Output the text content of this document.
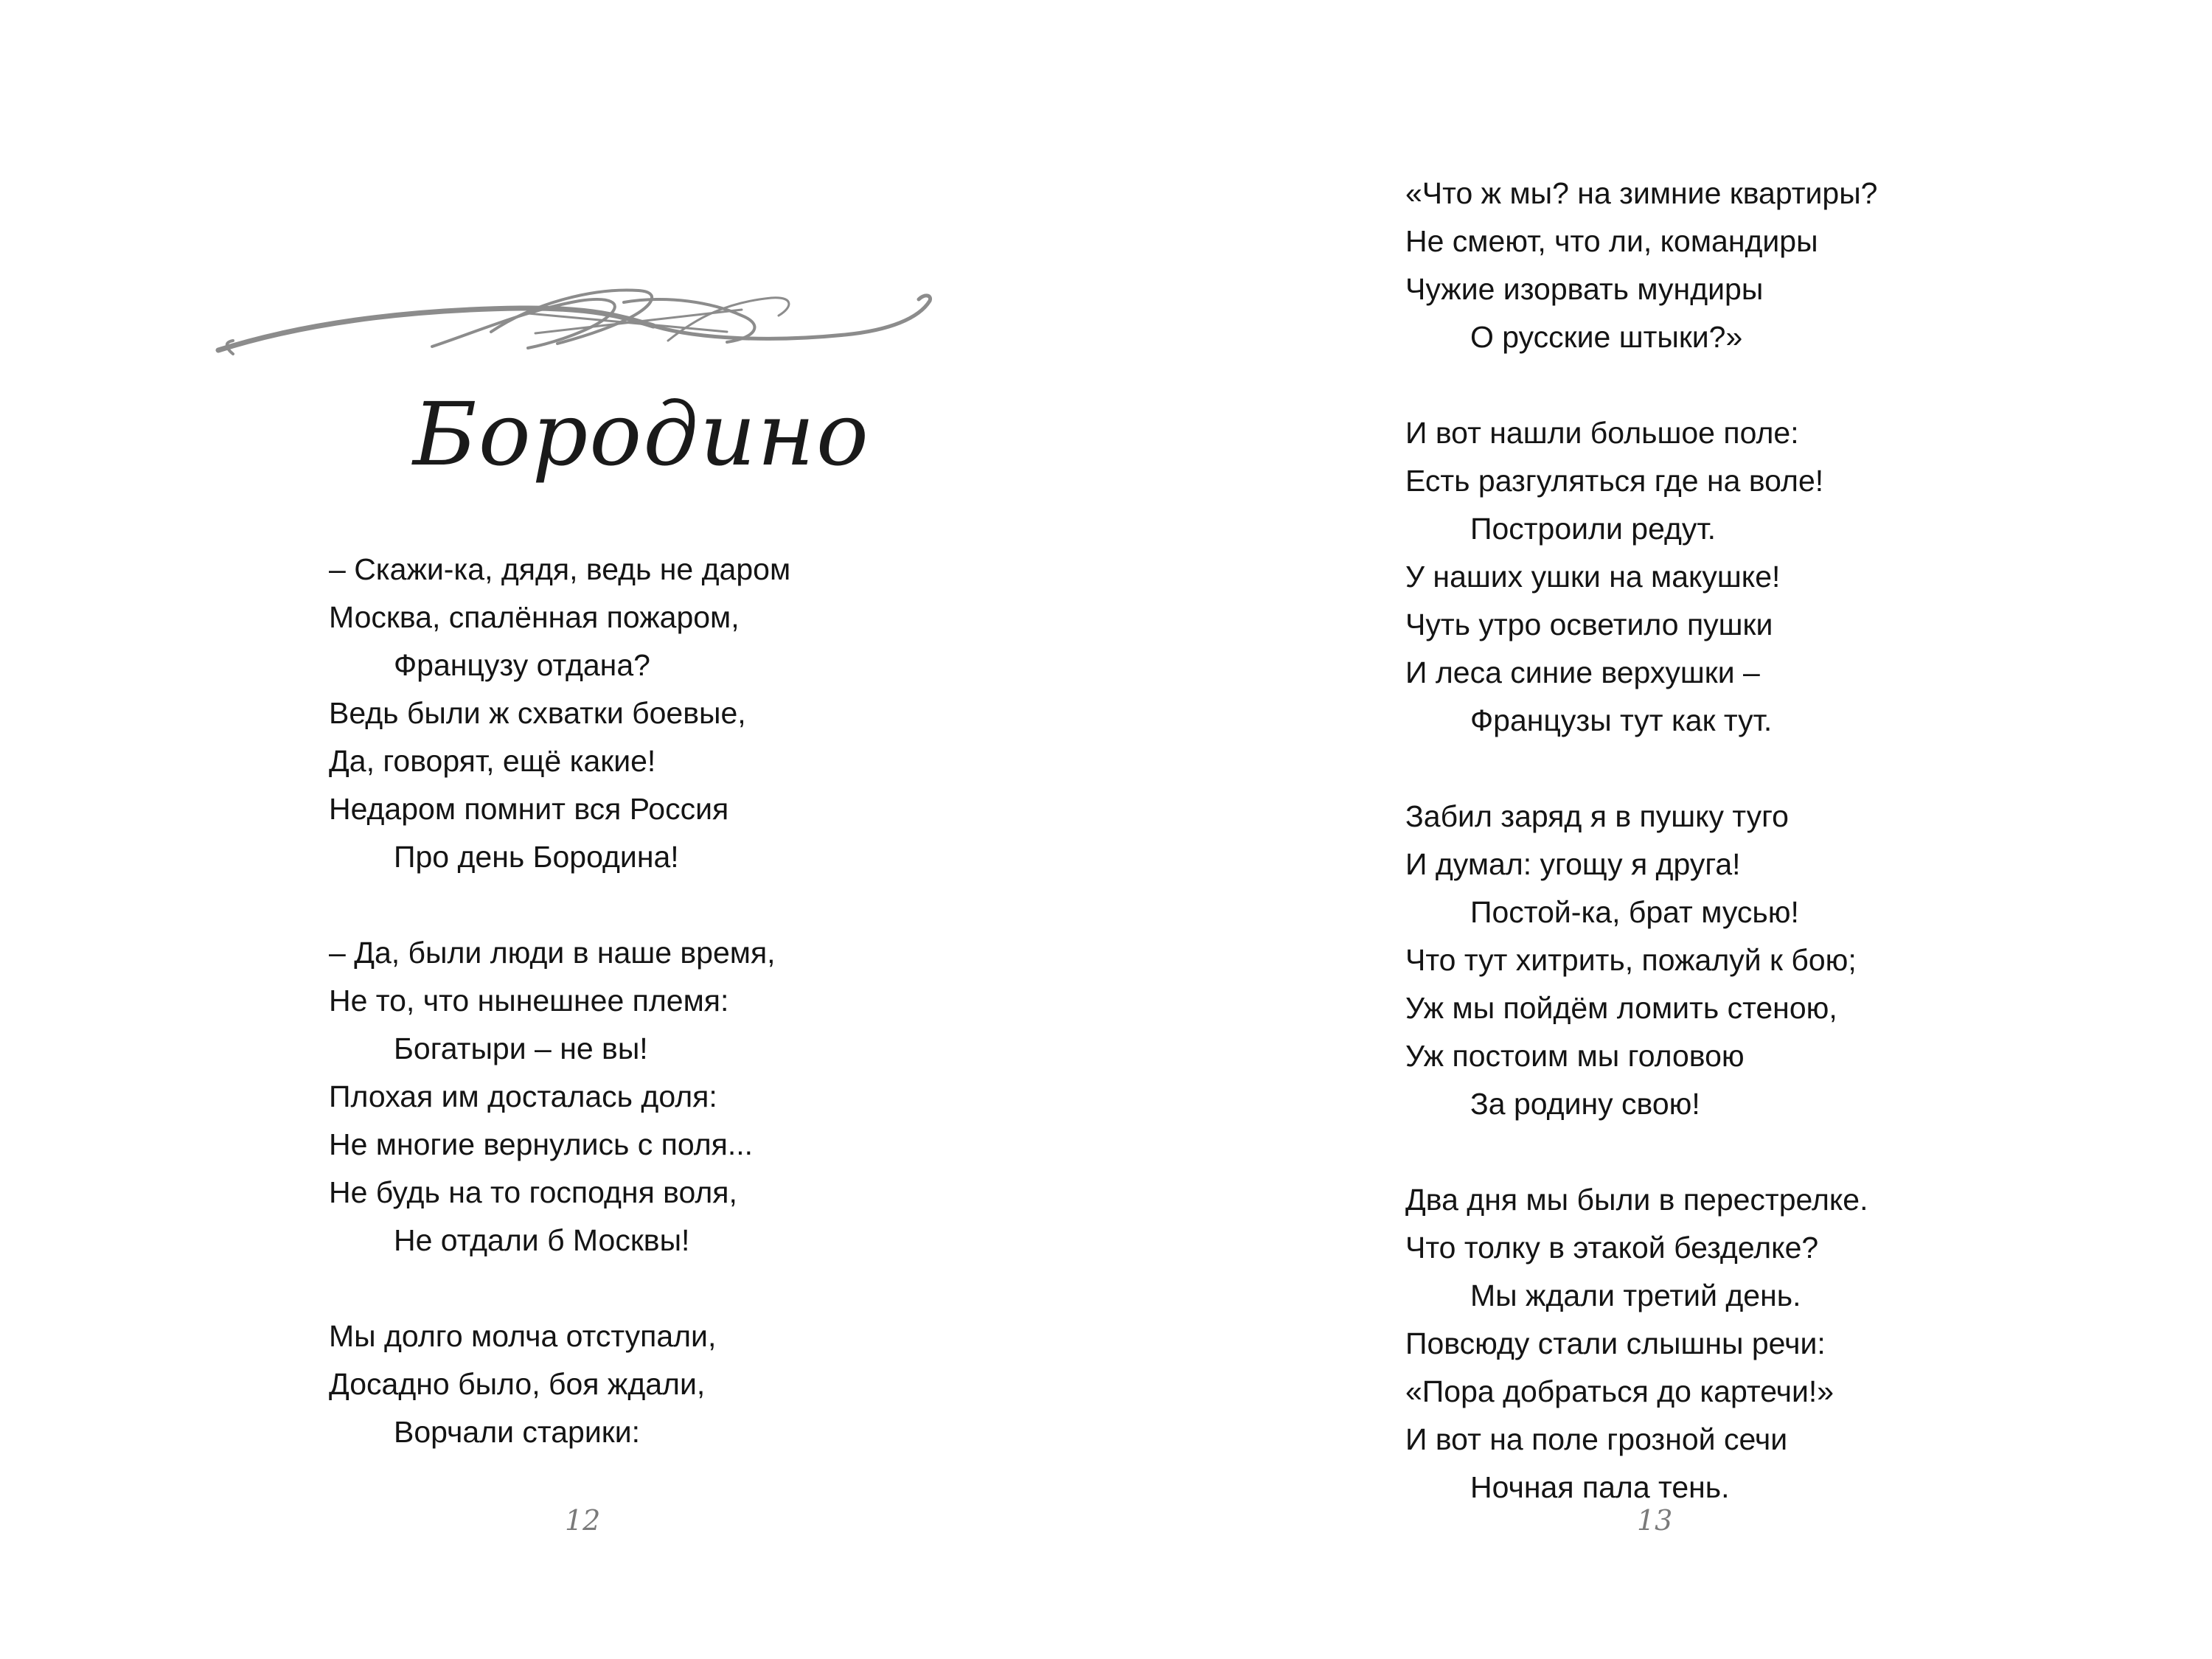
Бородино
– Скажи-ка, дядя, ведь не даром
Москва, спалённая пожаром,
Французу отдана?
Ведь были ж схватки боевые,
Да, говорят, ещё какие!
Недаром помнит вся Россия
Про день Бородина!
– Да, были люди в наше время,
Не то, что нынешнее племя:
Богатыри – не вы!
Плохая им досталась доля:
Не многие вернулись с поля...
Не будь на то господня воля,
Не отдали б Москвы!
Мы долго молча отступали,
Досадно было, боя ждали,
Ворчали старики:
12
«Что ж мы? на зимние квартиры?
Не смеют, что ли, командиры
Чужие изорвать мундиры
О русские штыки?»
И вот нашли большое поле:
Есть разгуляться где на воле!
Построили редут.
У наших ушки на макушке!
Чуть утро осветило пушки
И леса синие верхушки –
Французы тут как тут.
Забил заряд я в пушку туго
И думал: угощу я друга!
Постой-ка, брат мусью!
Что тут хитрить, пожалуй к бою;
Уж мы пойдём ломить стеною,
Уж постоим мы головою
За родину свою!
Два дня мы были в перестрелке.
Что толку в этакой безделке?
Мы ждали третий день.
Повсюду стали слышны речи:
«Пора добраться до картечи!»
И вот на поле грозной сечи
Ночная пала тень.
13
